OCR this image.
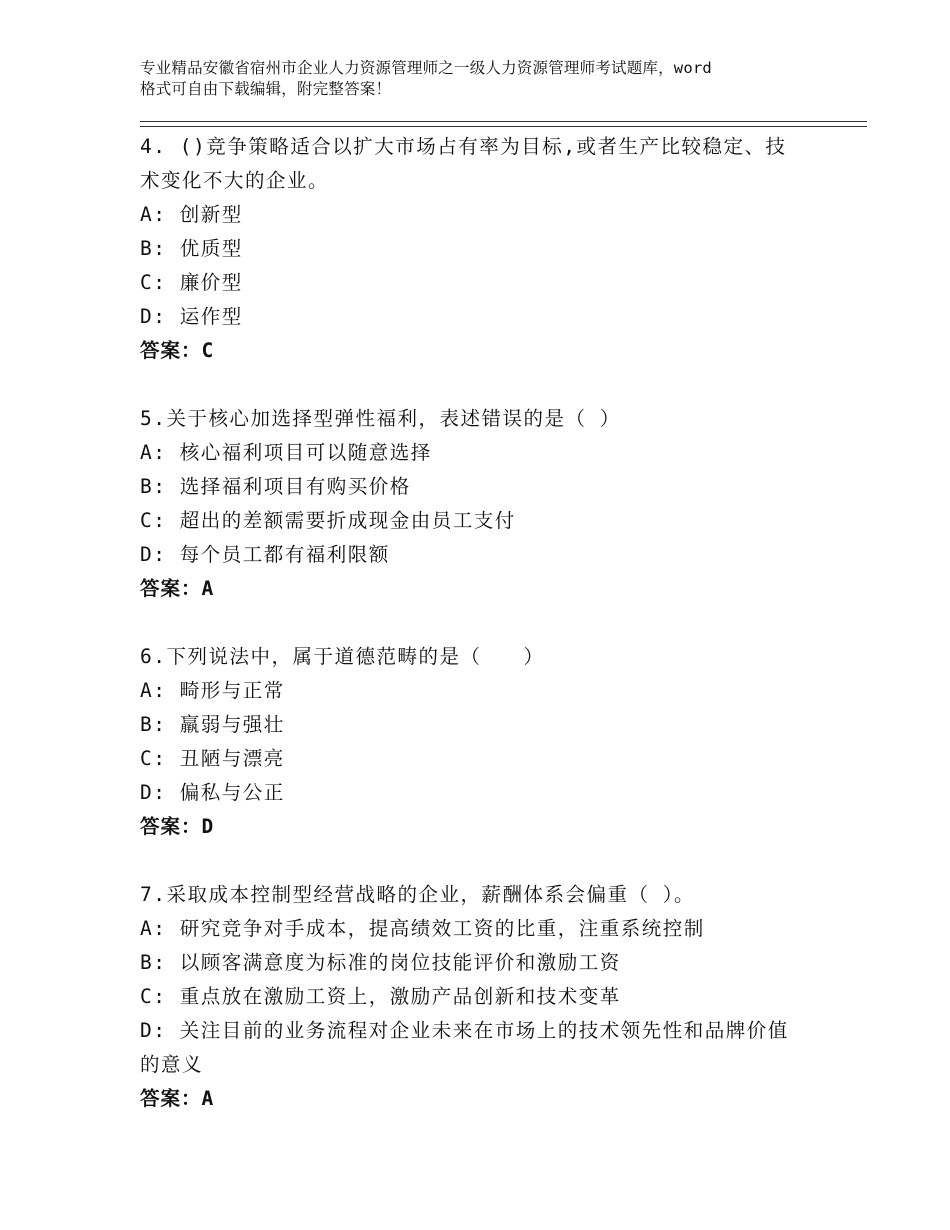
专业精品安徽省宿州市企业人力资源管理师之一级人力资源管理师考试题库，word
格式可自由下载编辑，附完整答案！
4. ()竞争策略适合以扩大市场占有率为目标,或者生产比较稳定、技
术变化不大的企业。
A: 创新型
B: 优质型
C: 廉价型
D: 运作型
答案：C
5.关于核心加选择型弹性福利，表述错误的是（ ）
A: 核心福利项目可以随意选择
B: 选择福利项目有购买价格
C: 超出的差额需要折成现金由员工支付
D: 每个员工都有福利限额
答案：A
6.下列说法中，属于道德范畴的是（　　）
A: 畸形与正常
B: 羸弱与强壮
C: 丑陋与漂亮
D: 偏私与公正
答案：D
7.采取成本控制型经营战略的企业，薪酬体系会偏重（ ）。
A: 研究竞争对手成本，提高绩效工资的比重，注重系统控制
B: 以顾客满意度为标准的岗位技能评价和激励工资
C: 重点放在激励工资上，激励产品创新和技术变革
D: 关注目前的业务流程对企业未来在市场上的技术领先性和品牌价值
的意义
答案：A
